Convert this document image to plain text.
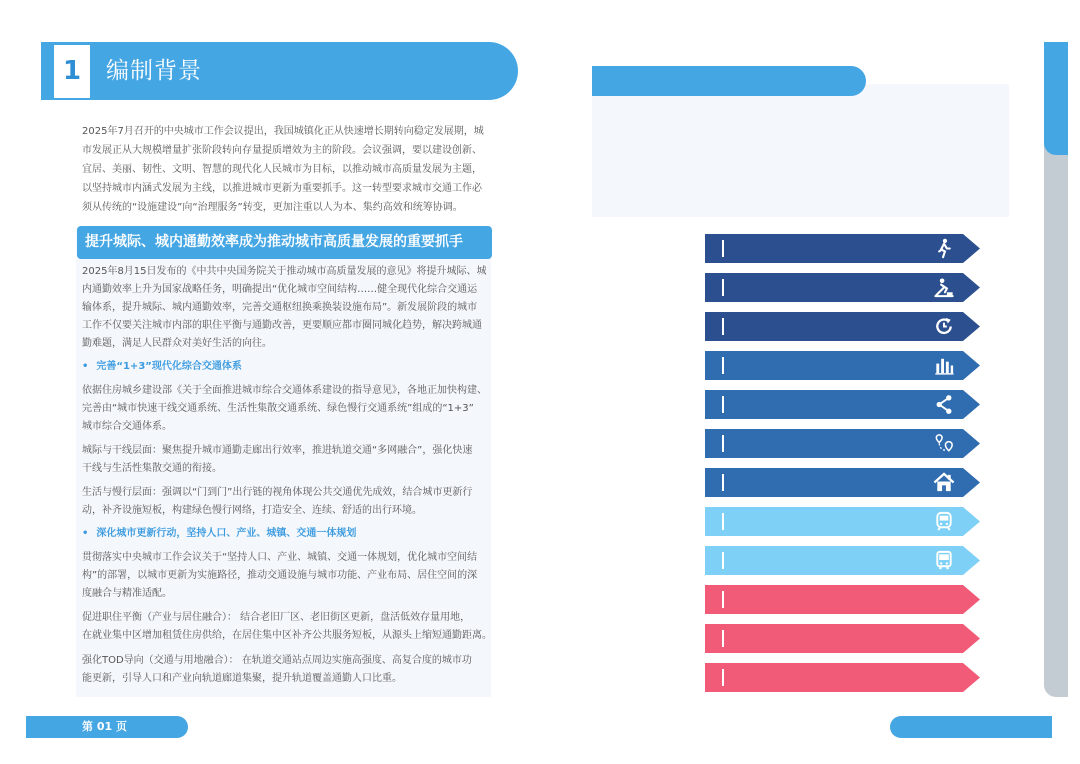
1	编制背景
2025年7月召开的中央城市工作会议提出，我国城镇化正从快速增长期转向稳定发展期，城
市发展正从大规模增量扩张阶段转向存量提质增效为主的阶段。会议强调，要以建设创新、
宜居、美丽、韧性、文明、智慧的现代化人民城市为目标，以推动城市高质量发展为主题，
以坚持城市内涵式发展为主线，以推进城市更新为重要抓手。这一转型要求城市交通工作必
须从传统的“设施建设”向“治理服务”转变，更加注重以人为本、集约高效和统筹协调。
提升城际、城内通勤效率成为推动城市高质量发展的重要抓手
2025年8月15日发布的《中共中央国务院关于推动城市高质量发展的意见》将提升城际、城
内通勤效率上升为国家战略任务，明确提出“优化城市空间结构……健全现代化综合交通运
输体系，提升城际、城内通勤效率，完善交通枢纽换乘换装设施布局”。新发展阶段的城市
工作不仅要关注城市内部的职住平衡与通勤改善，更要顺应都市圈同城化趋势，解决跨城通
勤难题，满足人民群众对美好生活的向往。
• 完善“1+3”现代化综合交通体系
依据住房城乡建设部《关于全面推进城市综合交通体系建设的指导意见》，各地正加快构建、
完善由“城市快速干线交通系统、生活性集散交通系统、绿色慢行交通系统”组成的“1+3”
城市综合交通体系。
城际与干线层面：聚焦提升城市通勤走廊出行效率，推进轨道交通“多网融合”，强化快速
干线与生活性集散交通的衔接。
生活与慢行层面：强调以“门到门”出行链的视角体现公共交通优先成效，结合城市更新行
动，补齐设施短板，构建绿色慢行网络，打造安全、连续、舒适的出行环境。
• 深化城市更新行动，坚持人口、产业、城镇、交通一体规划
贯彻落实中央城市工作会议关于“坚持人口、产业、城镇、交通一体规划，优化城市空间结
构”的部署，以城市更新为实施路径，推动交通设施与城市功能、产业布局、居住空间的深
度融合与精准适配。
促进职住平衡（产业与居住融合）： 结合老旧厂区、老旧街区更新，盘活低效存量用地，
在就业集中区增加租赁住房供给，在居住集中区补齐公共服务短板，从源头上缩短通勤距离。
强化TOD导向（交通与用地融合）： 在轨道交通站点周边实施高强度、高复合度的城市功
能更新，引导人口和产业向轨道廊道集聚，提升轨道覆盖通勤人口比重。
第 01 页
